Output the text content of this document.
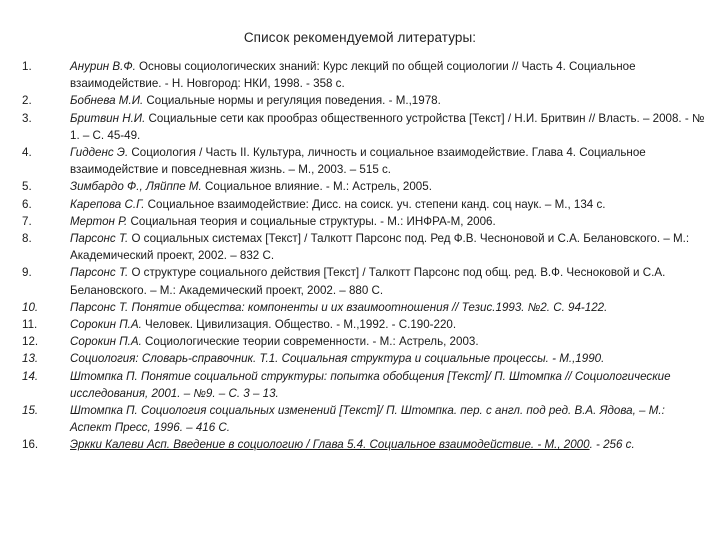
Список рекомендуемой литературы:
1.	Анурин В.Ф. Основы социологических знаний: Курс лекций по общей социологии // Часть 4. Социальное взаимодействие. - Н. Новгород: НКИ, 1998. - 358 с.
2.	Бобнева М.И. Социальные нормы и регуляция поведения. - М.,1978.
3.	Бритвин Н.И. Социальные сети как прообраз общественного устройства [Текст] / Н.И. Бритвин // Власть. – 2008. - № 1. – С. 45-49.
4.	Гидденс Э. Социология / Часть II. Культура, личность и социальное взаимодействие. Глава 4. Социальное взаимодействие и повседневная жизнь. – М., 2003. – 515 с.
5.	Зимбардо Ф., Ляйппе М. Социальное влияние. - М.: Астрель, 2005.
6.	Карепова С.Г. Социальное взаимодействие: Дисс. на соиск. уч. степени канд. соц наук. – М., 134 с.
7.	Мертон Р. Социальная теория и социальные структуры. - М.: ИНФРА-М, 2006.
8.	Парсонс Т. О социальных системах [Текст] / Талкотт Парсонс под. Ред Ф.В. Чесноновой и С.А. Белановского. – М.: Академический проект, 2002. – 832 С.
9.	Парсонс Т. О структуре социального действия [Текст] / Талкотт Парсонс под общ. ред. В.Ф. Чесноковой и С.А. Белановского. – М.: Академический проект, 2002. – 880 С.
10.	Парсонс Т. Понятие общества: компоненты и их взаимоотношения // Тезис.1993. №2. С. 94-122.
11.	Сорокин П.А. Человек. Цивилизация. Общество. - М.,1992. - С.190-220.
12.	Сорокин П.А. Социологические теории современности. - М.: Астрель, 2003.
13.	Социология: Словарь-справочник. Т.1. Социальная структура и социальные процессы. - М.,1990.
14.	Штомпка П. Понятие социальной структуры: попытка обобщения [Текст]/ П. Штомпка // Социологические исследования, 2001. – №9. – С. 3 – 13.
15.	Штомпка П. Социология социальных изменений [Текст]/ П. Штомпка. пер. с англ. под ред. В.А. Ядова, – М.: Аспект Пресс, 1996. – 416 С.
16.	Эркки Калеви Асп. Введение в социологию / Глава 5.4. Социальное взаимодействие. - М., 2000. - 256 с.
